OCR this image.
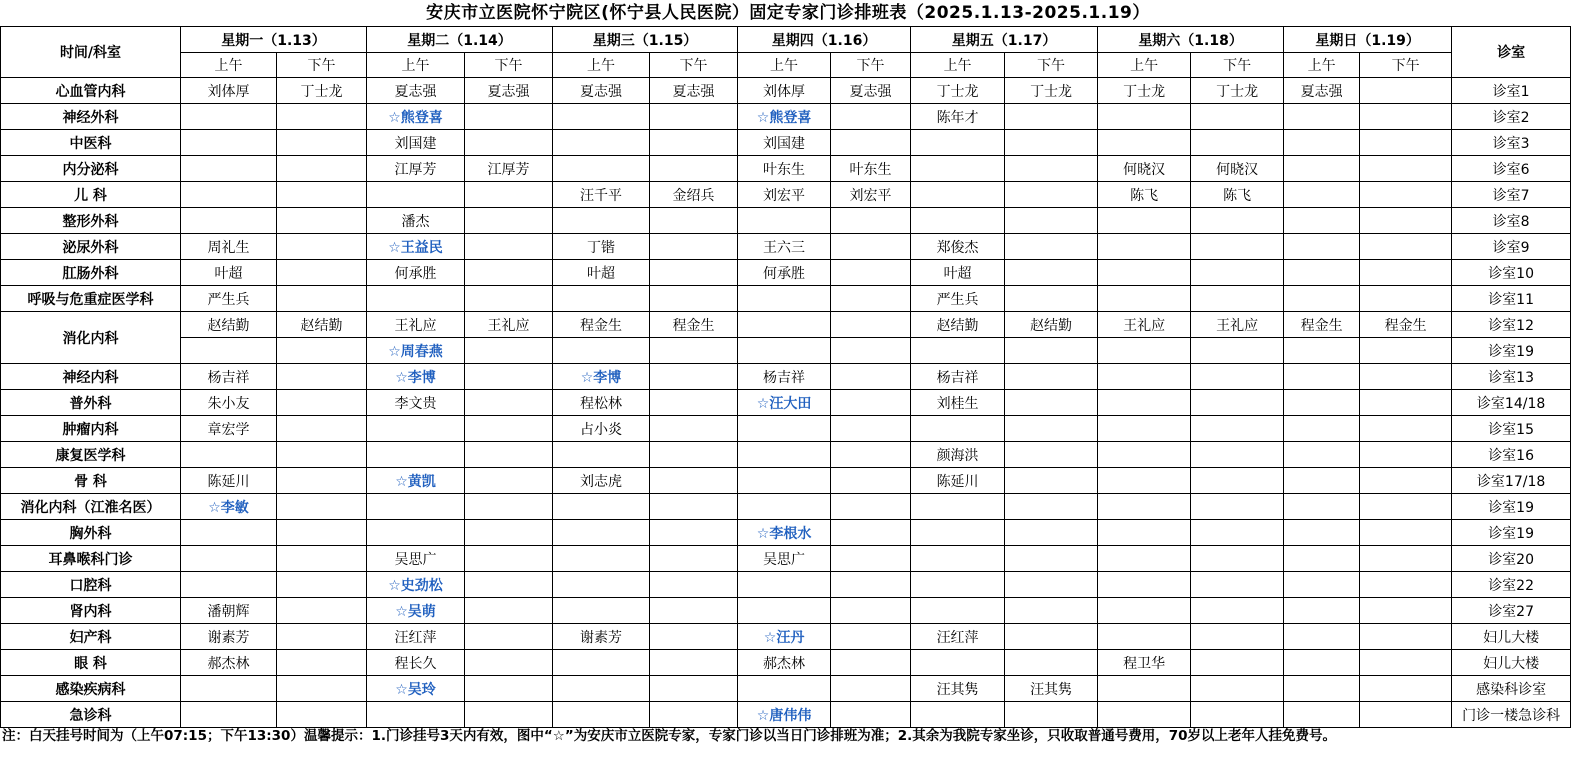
安庆市立医院怀宁院区(怀宁县人民医院）固定专家门诊排班表（2025.1.13-2025.1.19）
时间/科室	星期一（1.13）		星期二（1.14）		星期三（1.15）		星期四（1.16）		星期五（1.17）		星期六（1.18）		星期日（1.19）		诊室
	上午	下午	上午	下午	上午	下午	上午	下午	上午	下午	上午	下午	上午	下午	
心血管内科	刘体厚	丁士龙	夏志强	夏志强	夏志强	夏志强	刘体厚	夏志强	丁士龙	丁士龙	丁士龙	丁士龙	夏志强		诊室1
神经外科			☆熊登喜				☆熊登喜		陈年才						诊室2
中医科			刘国建				刘国建								诊室3
内分泌科			江厚芳	江厚芳			叶东生	叶东生			何晓汉	何晓汉			诊室6
儿 科					汪千平	金绍兵	刘宏平	刘宏平			陈飞	陈飞			诊室7
整形外科			潘杰												诊室8
泌尿外科	周礼生		☆王益民		丁锴		王六三		郑俊杰						诊室9
肛肠外科	叶超		何承胜		叶超		何承胜		叶超						诊室10
呼吸与危重症医学科	严生兵								严生兵						诊室11
消化内科	赵结勤	赵结勤	王礼应	王礼应	程金生	程金生			赵结勤	赵结勤	王礼应	王礼应	程金生	程金生	诊室12
			☆周春燕												诊室19
神经内科	杨吉祥		☆李博		☆李博		杨吉祥		杨吉祥						诊室13
普外科	朱小友		李文贵		程松林		☆汪大田		刘桂生						诊室14/18
肿瘤内科	章宏学				占小炎										诊室15
康复医学科									颜海洪						诊室16
骨 科	陈延川		☆黄凯		刘志虎				陈延川						诊室17/18
消化内科（江淮名医）	☆李敏														诊室19
胸外科							☆李根水								诊室19
耳鼻喉科门诊			吴思广				吴思广								诊室20
口腔科			☆史劲松												诊室22
肾内科	潘朝辉		☆吴萌												诊室27
妇产科	谢素芳		汪红萍		谢素芳		☆汪丹		汪红萍						妇儿大楼
眼 科	郝杰林		程长久				郝杰林				程卫华				妇儿大楼
感染疾病科			☆吴玲						汪其隽	汪其隽					感染科诊室
急诊科							☆唐伟伟								门诊一楼急诊科
注：白天挂号时间为（上午07:15；下午13:30）温馨提示：1.门诊挂号3天内有效，图中“☆”为安庆市立医院专家，专家门诊以当日门诊排班为准；2.其余为我院专家坐诊，只收取普通号费用，70岁以上老年人挂免费号。
